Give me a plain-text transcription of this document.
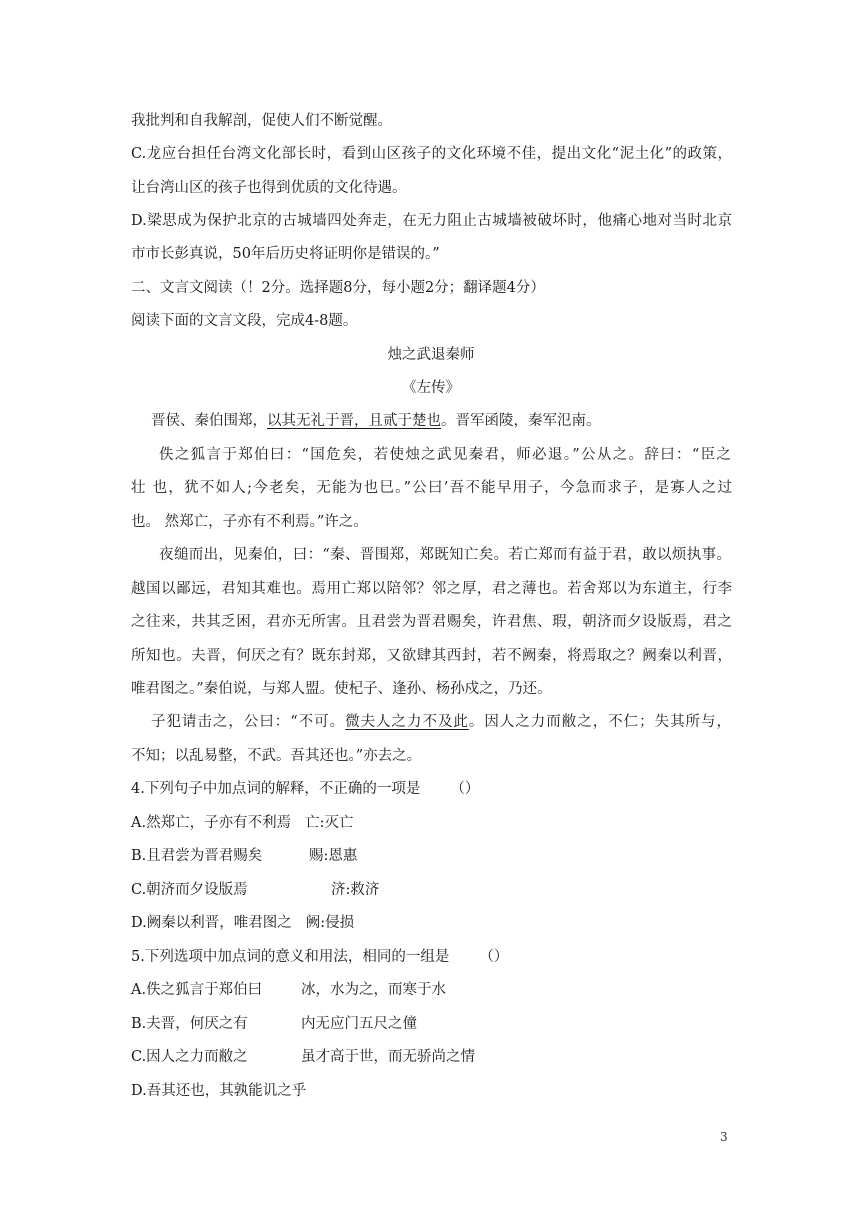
我批判和自我解剖，促使人们不断觉醒。
C.龙应台担任台湾文化部长时，看到山区孩子的文化环境不佳，提出文化“泥土化”的政策，
让台湾山区的孩子也得到优质的文化待遇。
D.梁思成为保护北京的古城墙四处奔走，在无力阻止古城墙被破坏时，他痛心地对当时北京
市市长彭真说，50年后历史将证明你是错误的。”
二、文言文阅读（！2分。选择题8分，每小题2分；翻译题4分）
阅读下面的文言文段，完成4-8题。
烛之武退秦师
《左传》
晋侯、秦伯围郑，以其无礼于晋，且贰于楚也。晋军函陵，秦军氾南。
佚之狐言于郑伯曰：“国危矣，若使烛之武见秦君，师必退。”公从之。辞曰：“臣之
壮 也，犹不如人;今老矣，无能为也巳。”公曰’吾不能早用子，今急而求子，是寡人之过
也。 然郑亡，子亦有不利焉。”许之。
夜缒而出，见秦伯，曰：“秦、晋围郑，郑既知亡矣。若亡郑而有益于君，敢以烦执事。
越国以鄙远，君知其难也。焉用亡郑以陪邻？邻之厚，君之薄也。若舍郑以为东道主，行李
之往来，共其乏困，君亦无所害。且君尝为晋君赐矣，许君焦、瑕，朝济而夕设版焉，君之
所知也。夫晋，何厌之有？既东封郑，又欲肆其西封，若不阙秦，将焉取之？阙秦以利晋，
唯君图之。”秦伯说，与郑人盟。使杞子、逢孙、杨孙戍之，乃还。
子犯请击之，公曰：“不可。微夫人之力不及此。因人之力而敝之，不仁；失其所与，
不知；以乱易整，不武。吾其还也。”亦去之。
4.下列句子中加点词的解释，不正确的一项是 （）
A.然郑亡，子亦有不利焉 亡:灭亡
B.且君尝为晋君赐矣	赐:恩惠
C.朝济而夕设版焉	济:救济
D.阙秦以利晋，唯君图之 阙:侵损
5.下列选项中加点词的意义和用法，相同的一组是 （）
A.佚之狐言于郑伯曰	冰，水为之，而寒于水
B.夫晋，何厌之有	内无应门五尺之僮
C.因人之力而敝之	虽才高于世，而无骄尚之情
D.吾其还也，其孰能讥之乎
3
